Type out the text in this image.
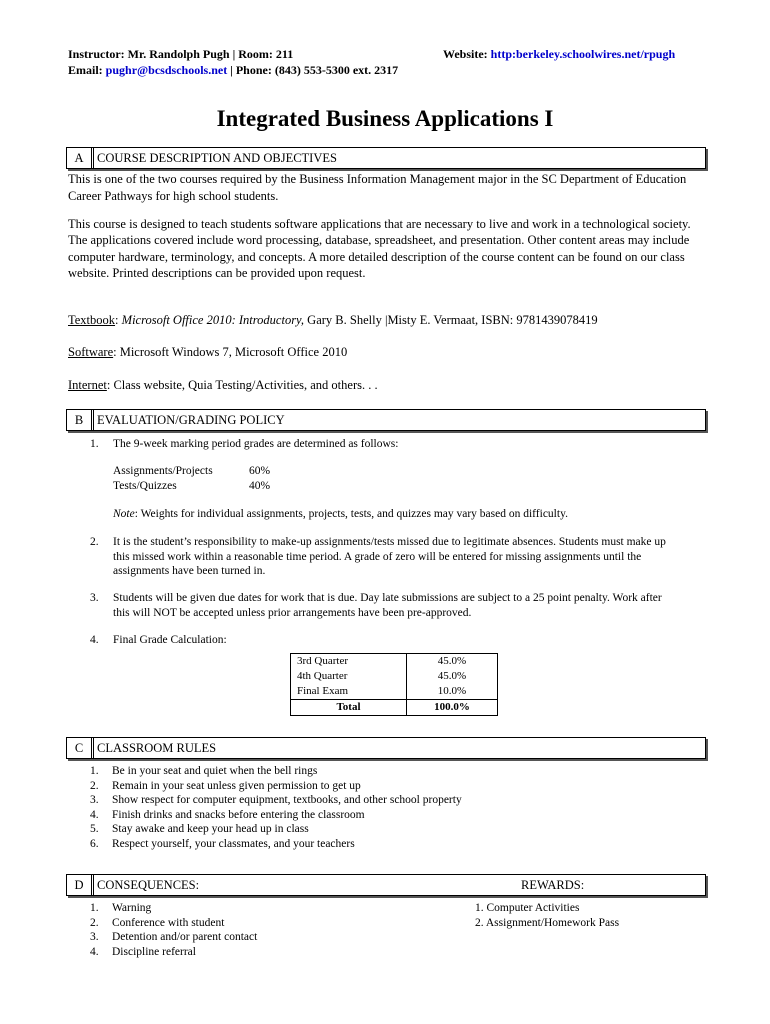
Instructor: Mr. Randolph Pugh | Room: 211	Website: http:berkeley.schoolwires.net/rpugh
Email: pughr@bcsdschools.net | Phone: (843) 553-5300 ext. 2317
Integrated Business Applications I
A	COURSE DESCRIPTION AND OBJECTIVES
This is one of the two courses required by the Business Information Management major in the SC Department of Education Career Pathways for high school students.
This course is designed to teach students software applications that are necessary to live and work in a technological society. The applications covered include word processing, database, spreadsheet, and presentation. Other content areas may include computer hardware, terminology, and concepts. A more detailed description of the course content can be found on our class website. Printed descriptions can be provided upon request.
Textbook: Microsoft Office 2010: Introductory, Gary B. Shelly |Misty E. Vermaat, ISBN: 9781439078419
Software: Microsoft Windows 7, Microsoft Office 2010
Internet: Class website, Quia Testing/Activities, and others. . .
B	EVALUATION/GRADING POLICY
1. The 9-week marking period grades are determined as follows:
Assignments/Projects	60%
Tests/Quizzes	40%
Note: Weights for individual assignments, projects, tests, and quizzes may vary based on difficulty.
2. It is the student’s responsibility to make-up assignments/tests missed due to legitimate absences. Students must make up this missed work within a reasonable time period. A grade of zero will be entered for missing assignments until the assignments have been turned in.
3. Students will be given due dates for work that is due. Day late submissions are subject to a 25 point penalty. Work after this will NOT be accepted unless prior arrangements have been pre-approved.
4. Final Grade Calculation:
3rd Quarter	45.0%
4th Quarter	45.0%
Final Exam	10.0%
Total	100.0%
C	CLASSROOM RULES
1. Be in your seat and quiet when the bell rings
2. Remain in your seat unless given permission to get up
3. Show respect for computer equipment, textbooks, and other school property
4. Finish drinks and snacks before entering the classroom
5. Stay awake and keep your head up in class
6. Respect yourself, your classmates, and your teachers
D	CONSEQUENCES:	REWARDS:
1. Warning
2. Conference with student
3. Detention and/or parent contact
4. Discipline referral
1. Computer Activities
2. Assignment/Homework Pass
